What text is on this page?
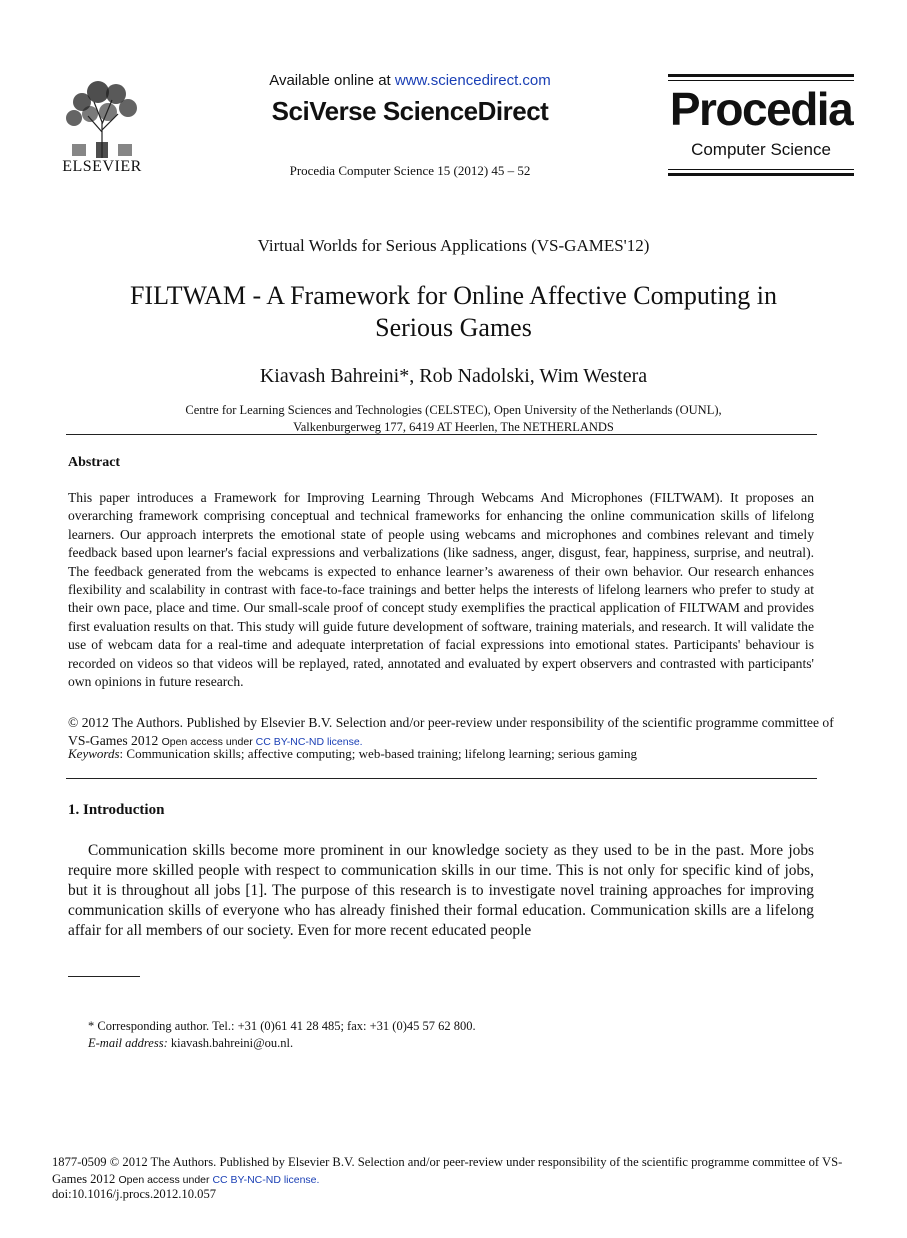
ELSEVIER
Available online at www.sciencedirect.com
SciVerse ScienceDirect
Procedia Computer Science 15 (2012) 45 – 52
Procedia
Computer Science
Virtual Worlds for Serious Applications (VS-GAMES'12)
FILTWAM - A Framework for Online Affective Computing in
Serious Games
Kiavash Bahreini*, Rob Nadolski, Wim Westera
Centre for Learning Sciences and Technologies (CELSTEC), Open University of the Netherlands (OUNL),
Valkenburgerweg 177, 6419 AT Heerlen, The NETHERLANDS
Abstract
This paper introduces a Framework for Improving Learning Through Webcams And Microphones (FILTWAM). It proposes an overarching framework comprising conceptual and technical frameworks for enhancing the online communication skills of lifelong learners. Our approach interprets the emotional state of people using webcams and microphones and combines relevant and timely feedback based upon learner's facial expressions and verbalizations (like sadness, anger, disgust, fear, happiness, surprise, and neutral). The feedback generated from the webcams is expected to enhance learner’s awareness of their own behavior. Our research enhances flexibility and scalability in contrast with face-to-face trainings and better helps the interests of lifelong learners who prefer to study at their own pace, place and time. Our small-scale proof of concept study exemplifies the practical application of FILTWAM and provides first evaluation results on that. This study will guide future development of software, training materials, and research. It will validate the use of webcam data for a real-time and adequate interpretation of facial expressions into emotional states. Participants' behaviour is recorded on videos so that videos will be replayed, rated, annotated and evaluated by expert observers and contrasted with participants' own opinions in future research.
© 2012 The Authors. Published by Elsevier B.V. Selection and/or peer-review under responsibility of the scientific programme committee of VS-Games 2012 Open access under CC BY-NC-ND license.
Keywords: Communication skills; affective computing; web-based training; lifelong learning; serious gaming
1. Introduction
Communication skills become more prominent in our knowledge society as they used to be in the past. More jobs require more skilled people with respect to communication skills in our time. This is not only for specific kind of jobs, but it is throughout all jobs [1]. The purpose of this research is to investigate novel training approaches for improving communication skills of everyone who has already finished their formal education. Communication skills are a lifelong affair for all members of our society. Even for more recent educated people
* Corresponding author. Tel.: +31 (0)61 41 28 485; fax: +31 (0)45 57 62 800.
E-mail address: kiavash.bahreini@ou.nl.
1877-0509 © 2012 The Authors. Published by Elsevier B.V. Selection and/or peer-review under responsibility of the scientific programme committee of VS-Games 2012 Open access under CC BY-NC-ND license.
doi:10.1016/j.procs.2012.10.057
